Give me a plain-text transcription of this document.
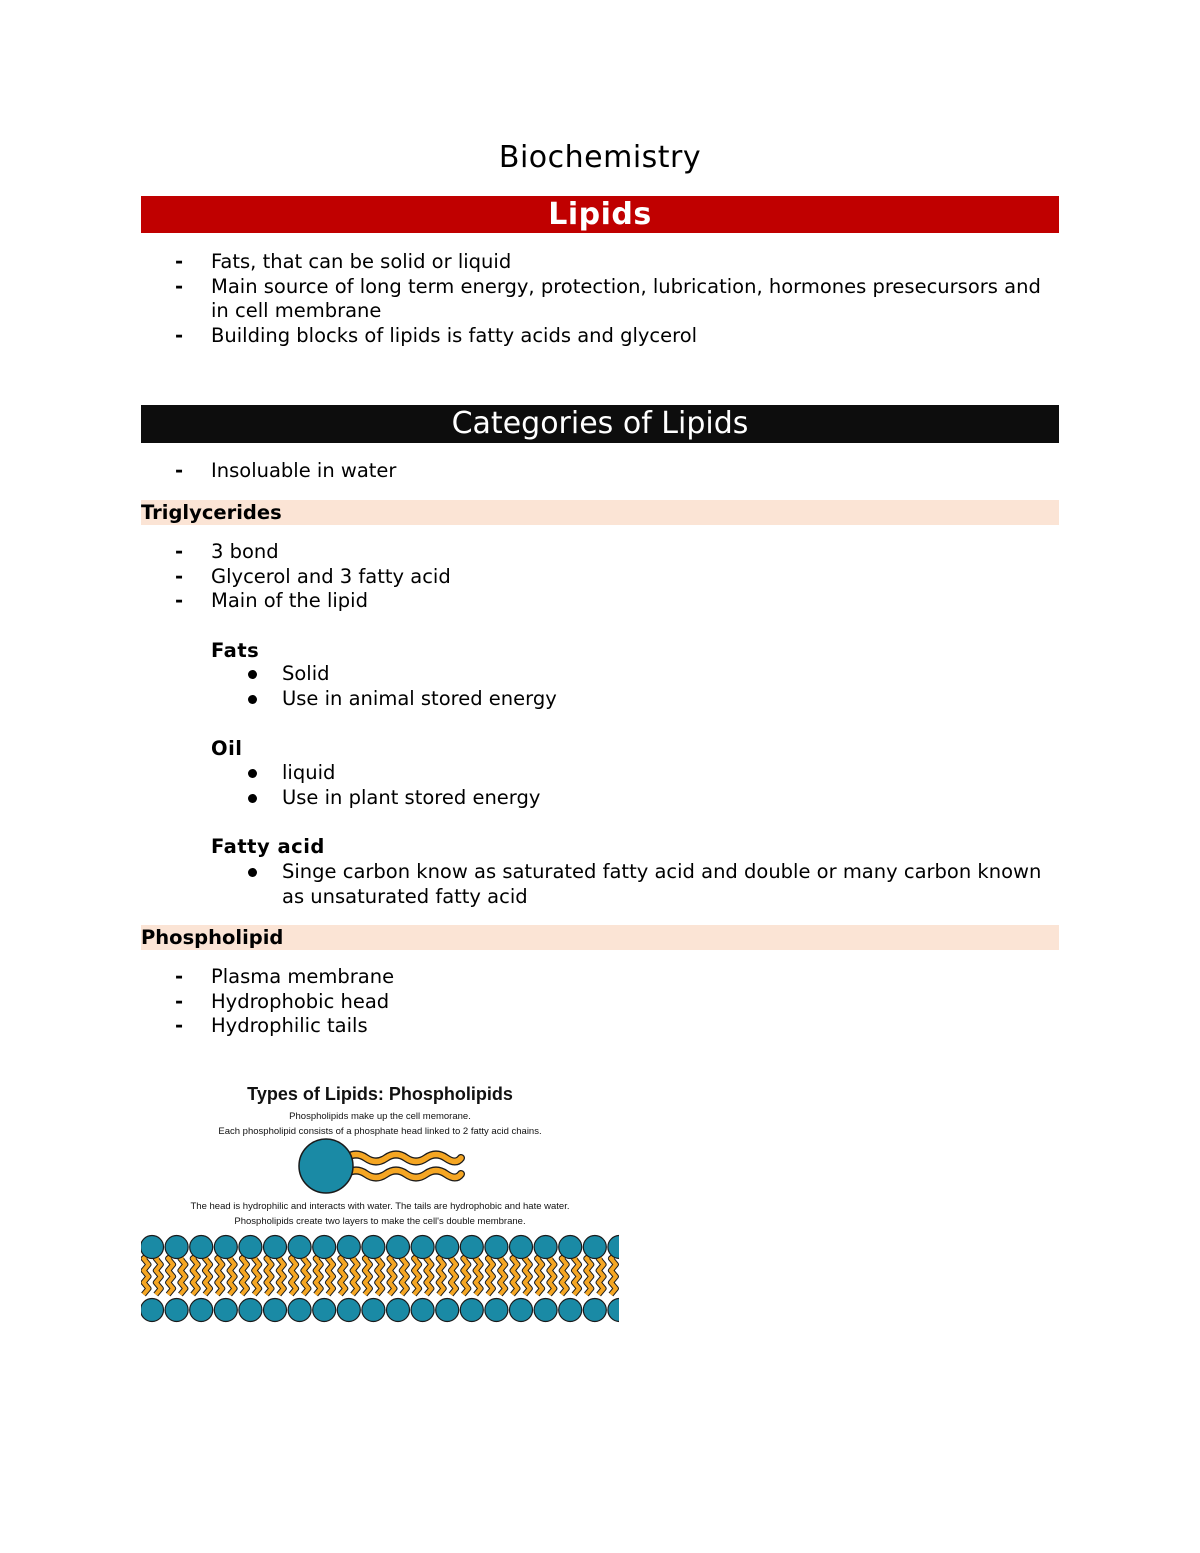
Biochemistry
Lipids
- Fats, that can be solid or liquid
- Main source of long term energy, protection, lubrication, hormones presecursors and in cell membrane
- Building blocks of lipids is fatty acids and glycerol
Categories of Lipids
- Insoluable in water
Triglycerides
- 3 bond
- Glycerol and 3 fatty acid
- Main of the lipid
Fats
Solid
Use in animal stored energy
Oil
liquid
Use in plant stored energy
Fatty acid
Singe carbon know as saturated fatty acid and double or many carbon known as unsaturated fatty acid
Phospholipid
- Plasma membrane
- Hydrophobic head
- Hydrophilic tails
Types of Lipids: Phospholipids
Phospholipids make up the cell memorane.
Each phospholipid consists of a phosphate head linked to 2 fatty acid chains.
The head is hydrophilic and interacts with water. The tails are hydrophobic and hate water.
Phospholipids create two layers to make the cell's double membrane.
